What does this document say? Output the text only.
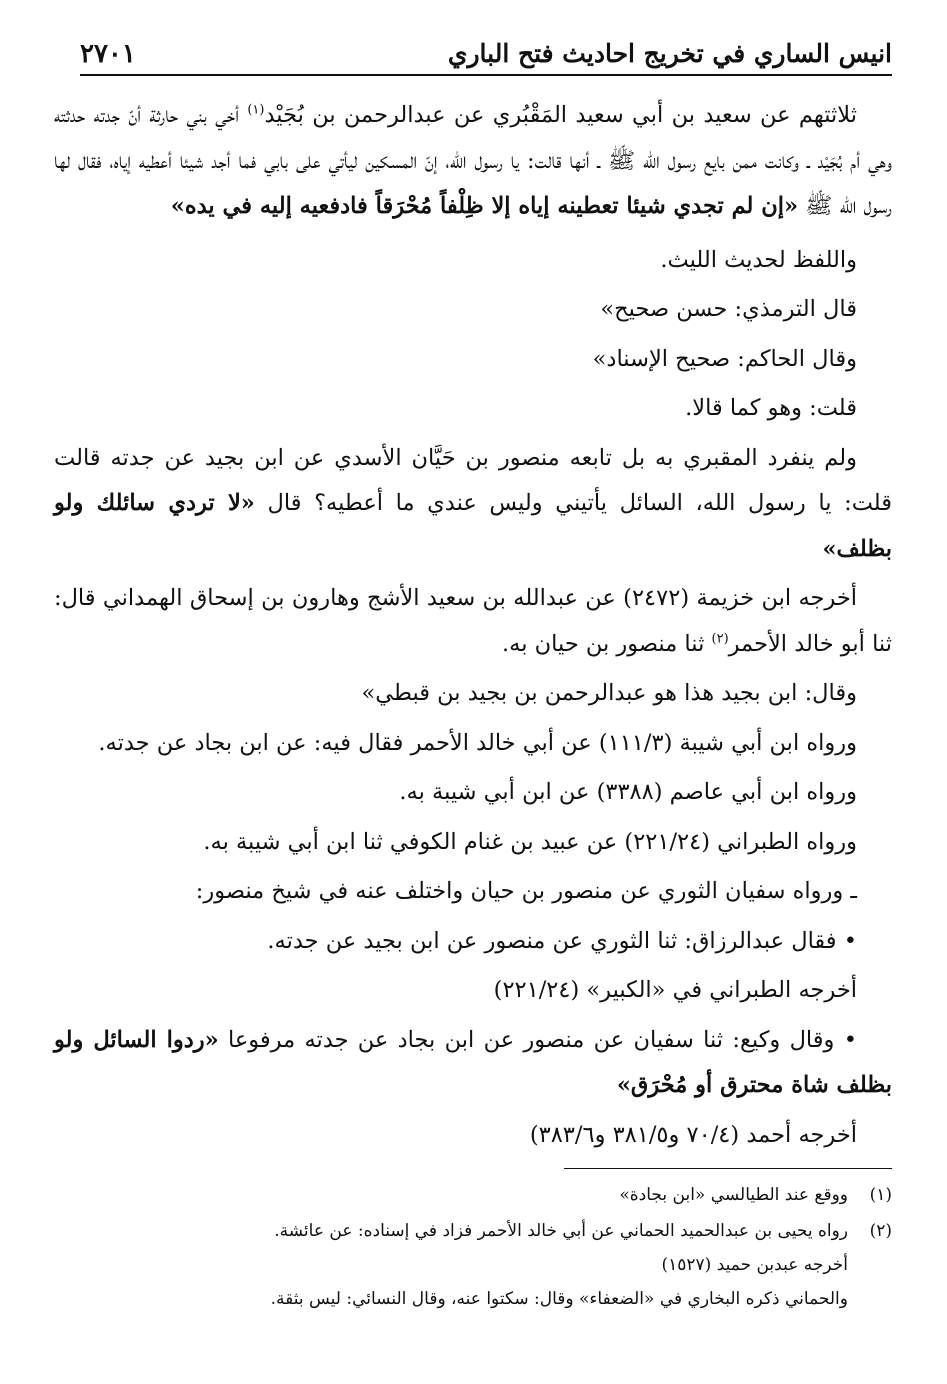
انيس الساري في تخريج احاديث فتح الباري
٢٧٠١

ثلاثتهم عن سعيد بن أبي سعيد المَقْبُري عن عبدالرحمن بن بُجَيْد$^{(١)}$ أخي بني حارثة أنّ جدته حدثته وهي أم بُجَيْد ـ وكانت ممن بايع رسول الله ﷺ ـ أنها قالت: يا رسول الله، إنّ المسكين ليأتي على بابي فما أجد شيئا أعطيه إياه، فقال لها رسول الله ﷺ «إن لم تجدي شيئا تعطينه إياه إلا ظِلْفاً مُحْرَقاً فادفعيه إليه في يده»

واللفظ لحديث الليث.

قال الترمذي: حسن صحيح»

وقال الحاكم: صحيح الإسناد»

قلت: وهو كما قالا.

ولم ينفرد المقبري به بل تابعه منصور بن حَيَّان الأسدي عن ابن بجيد عن جدته قالت قلت: يا رسول الله، السائل يأتيني وليس عندي ما أعطيه؟ قال «لا تردي سائلك ولو بظلف»

أخرجه ابن خزيمة (٢٤٧٢) عن عبدالله بن سعيد الأشج وهارون بن إسحاق الهمداني قال: ثنا أبو خالد الأحمر$^{(٢)}$ ثنا منصور بن حيان به.

وقال: ابن بجيد هذا هو عبدالرحمن بن بجيد بن قبطي»

ورواه ابن أبي شيبة (١١١/٣) عن أبي خالد الأحمر فقال فيه: عن ابن بجاد عن جدته.

ورواه ابن أبي عاصم (٣٣٨٨) عن ابن أبي شيبة به.

ورواه الطبراني (٢٢١/٢٤) عن عبيد بن غنام الكوفي ثنا ابن أبي شيبة به.

ـ ورواه سفيان الثوري عن منصور بن حيان واختلف عنه في شيخ منصور:

• فقال عبدالرزاق: ثنا الثوري عن منصور عن ابن بجيد عن جدته.

أخرجه الطبراني في «الكبير» (٢٢١/٢٤)

• وقال وكيع: ثنا سفيان عن منصور عن ابن بجاد عن جدته مرفوعا «ردوا السائل ولو بظلف شاة محترق أو مُحْرَق»

أخرجه أحمد (٧٠/٤ و٣٨١/٥ و٣٨٣/٦)

(١)
ووقع عند الطيالسي «ابن بجادة»
(٢)
رواه يحيى بن عبدالحميد الحماني عن أبي خالد الأحمر فزاد في إسناده: عن عائشة.
أخرجه عبدبن حميد (١٥٢٧)
والحماني ذكره البخاري في «الضعفاء» وقال: سكتوا عنه، وقال النسائي: ليس بثقة.
